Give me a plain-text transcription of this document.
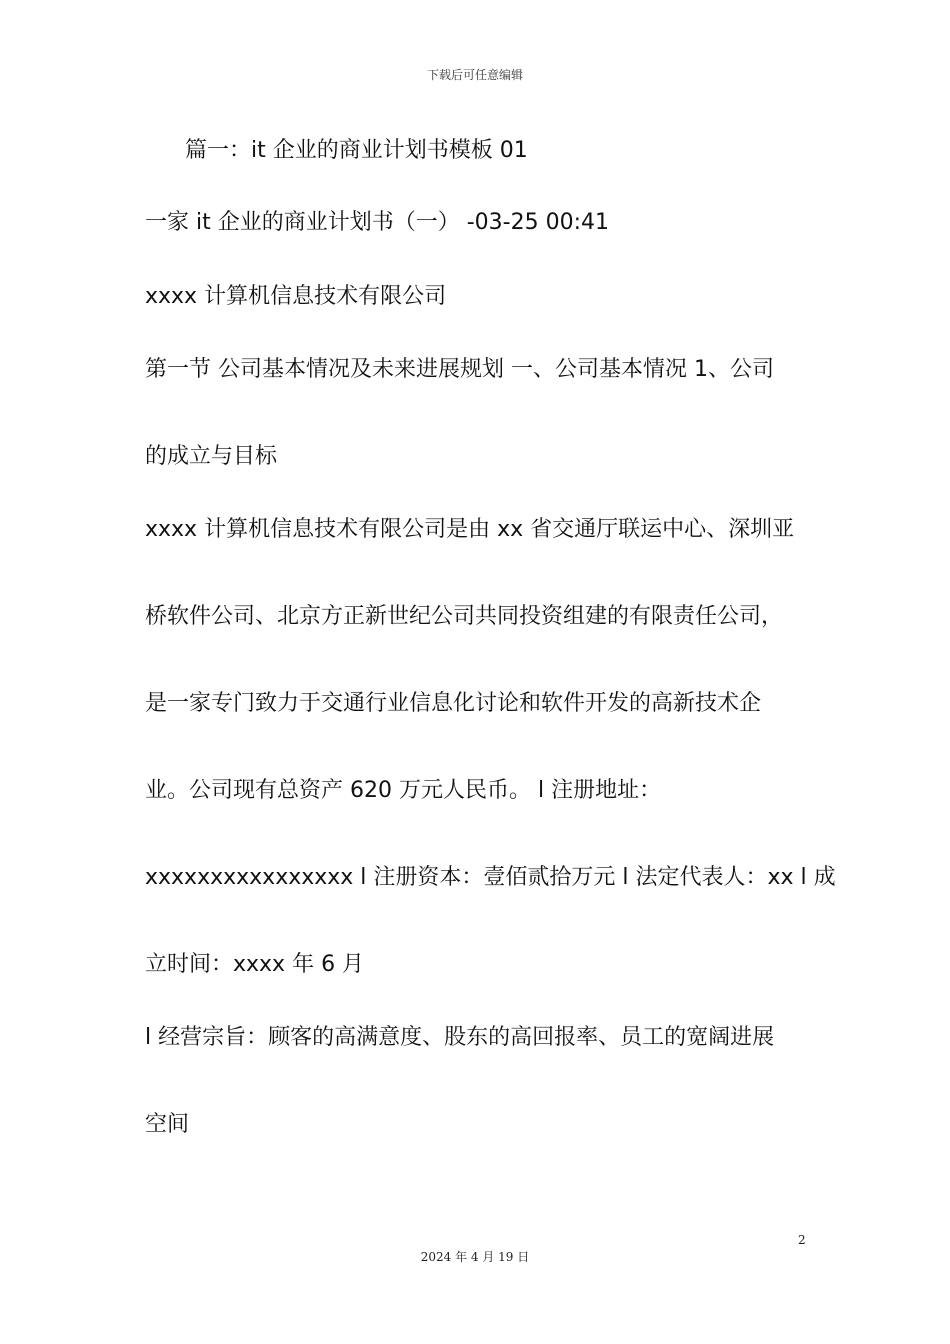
下载后可任意编辑
篇一：it 企业的商业计划书模板 01
一家 it 企业的商业计划书（一） -03-25 00:41
xxxx 计算机信息技术有限公司
第一节 公司基本情况及未来进展规划 一、公司基本情况 1、公司
的成立与目标
xxxx 计算机信息技术有限公司是由 xx 省交通厅联运中心、深圳亚
桥软件公司、北京方正新世纪公司共同投资组建的有限责任公司，
是一家专门致力于交通行业信息化讨论和软件开发的高新技术企
业。公司现有总资产 620 万元人民币。 l 注册地址：
xxxxxxxxxxxxxxxx l 注册资本：壹佰贰拾万元 l 法定代表人：xx l 成
立时间：xxxx 年 6 月
l 经营宗旨：顾客的高满意度、股东的高回报率、员工的宽阔进展
空间
2
2024 年 4 月 19 日
